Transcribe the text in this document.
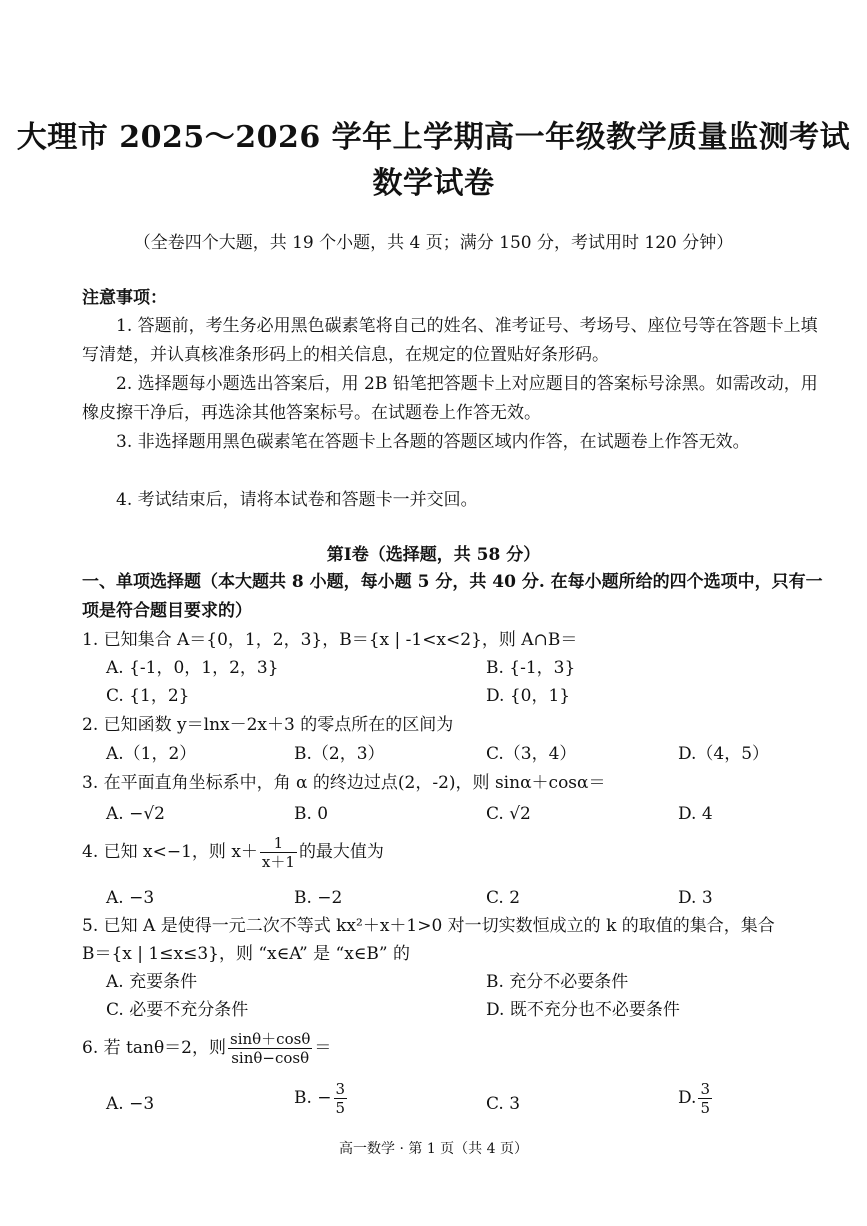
大理市 2025～2026 学年上学期高一年级教学质量监测考试
数学试卷
（全卷四个大题，共 19 个小题，共 4 页；满分 150 分，考试用时 120 分钟）
注意事项：
1. 答题前，考生务必用黑色碳素笔将自己的姓名、准考证号、考场号、座位号等在答题卡上填写清楚，并认真核准条形码上的相关信息，在规定的位置贴好条形码。
2. 选择题每小题选出答案后，用 2B 铅笔把答题卡上对应题目的答案标号涂黑。如需改动，用橡皮擦干净后，再选涂其他答案标号。在试题卷上作答无效。
3. 非选择题用黑色碳素笔在答题卡上各题的答题区域内作答，在试题卷上作答无效。
4. 考试结束后，请将本试卷和答题卡一并交回。
第Ⅰ卷（选择题，共 58 分）
一、单项选择题（本大题共 8 小题，每小题 5 分，共 40 分. 在每小题所给的四个选项中，只有一项是符合题目要求的）
1. 已知集合 A＝{0，1，2，3}，B＝{x | -1<x<2}，则 A∩B＝
A. {-1，0，1，2，3}	B. {-1，3}
C. {1，2}	D. {0，1}
2. 已知函数 y＝lnx－2x＋3 的零点所在的区间为
A.（1，2）	B.（2，3）	C.（3，4）	D.（4，5）
3. 在平面直角坐标系中，角 α 的终边过点(2，-2)，则 sinα＋cosα＝
A. −√2	B. 0	C. √2	D. 4
4. 已知 x<−1，则 $x+ \frac{1}{x+1}$ 的最大值为
A. −3	B. −2	C. 2	D. 3
5. 已知 A 是使得一元二次不等式 kx²＋x＋1>0 对一切实数恒成立的 k 的取值的集合，集合
B＝{x | 1≤x≤3}，则 “x∈A” 是 “x∈B” 的
A. 充要条件	B. 充分不必要条件
C. 必要不充分条件	D. 既不充分也不必要条件
6. 若 tanθ＝2，则 $\frac{\sin\theta+\cos\theta}{\sin\theta-\cos\theta}$ ＝
A. −3	B. − $\frac{3}{5}$	C. 3	D. $\frac{3}{5}$
高一数学 · 第 1 页（共 4 页）
